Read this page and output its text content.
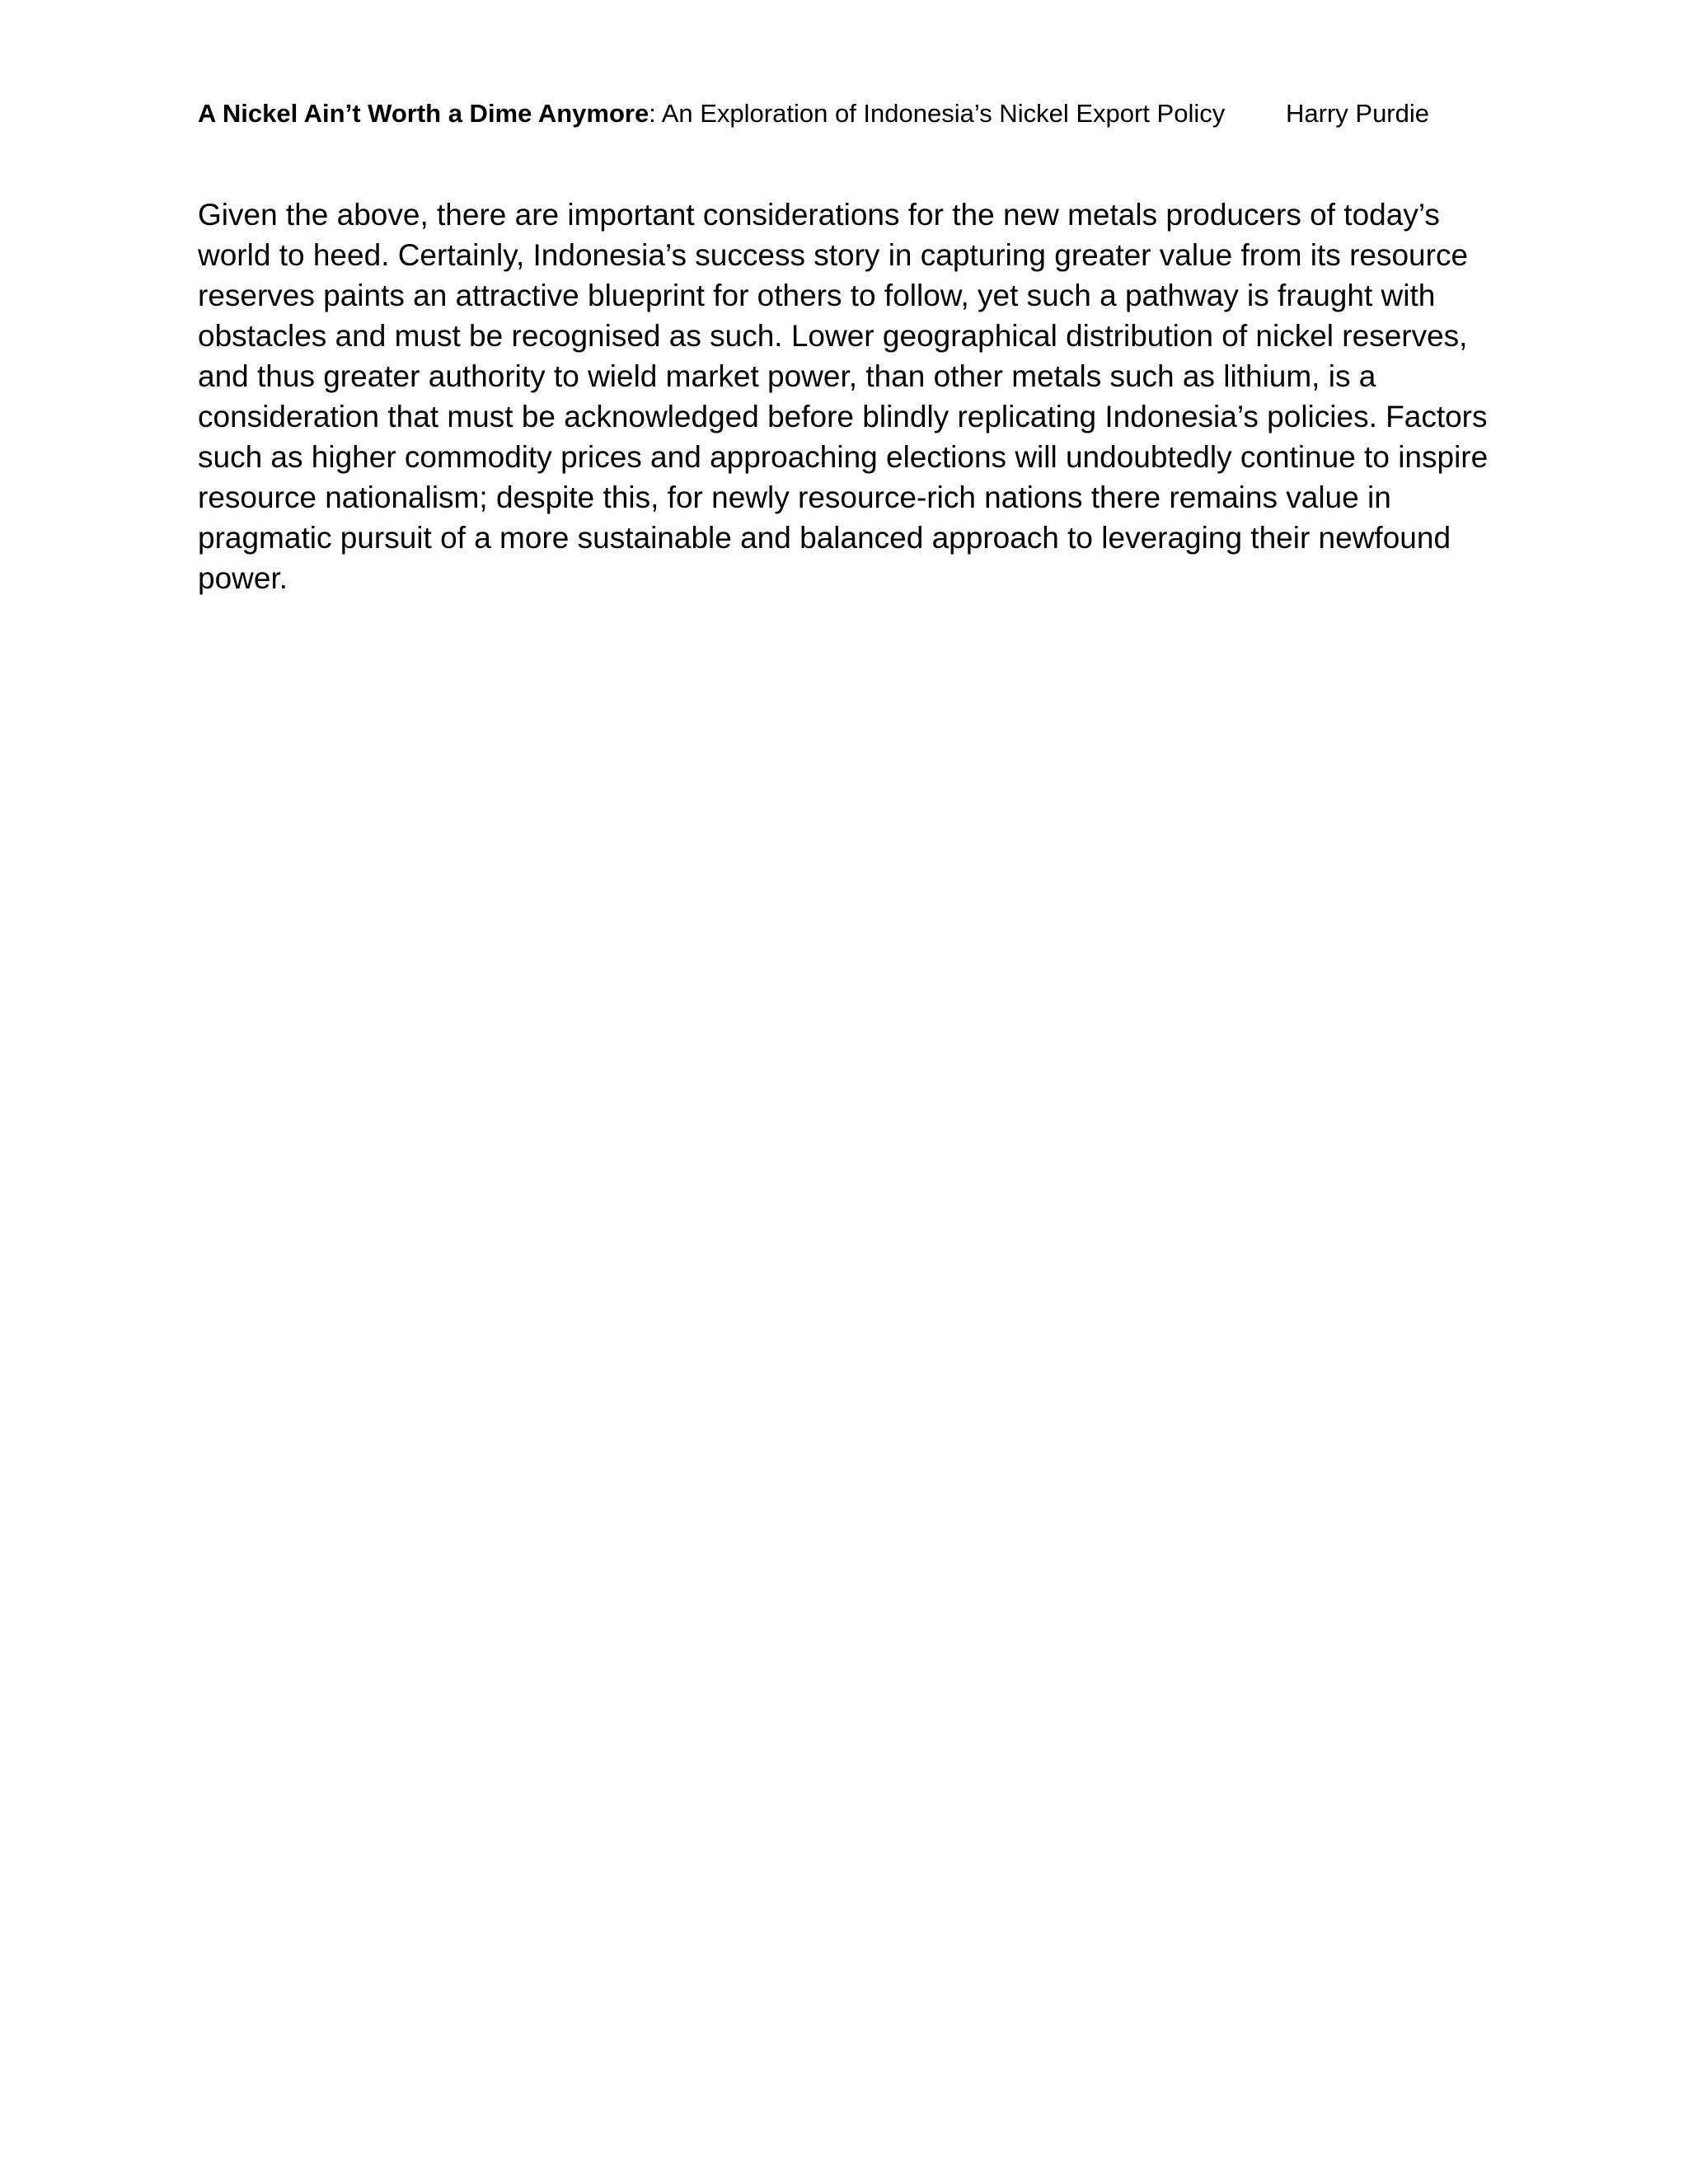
A Nickel Ain’t Worth a Dime Anymore: An Exploration of Indonesia’s Nickel Export Policy Harry Purdie

Given the above, there are important considerations for the new metals producers of today’s world to heed. Certainly, Indonesia’s success story in capturing greater value from its resource reserves paints an attractive blueprint for others to follow, yet such a pathway is fraught with obstacles and must be recognised as such. Lower geographical distribution of nickel reserves, and thus greater authority to wield market power, than other metals such as lithium, is a consideration that must be acknowledged before blindly replicating Indonesia’s policies. Factors such as higher commodity prices and approaching elections will undoubtedly continue to inspire resource nationalism; despite this, for newly resource-rich nations there remains value in pragmatic pursuit of a more sustainable and balanced approach to leveraging their newfound power.
